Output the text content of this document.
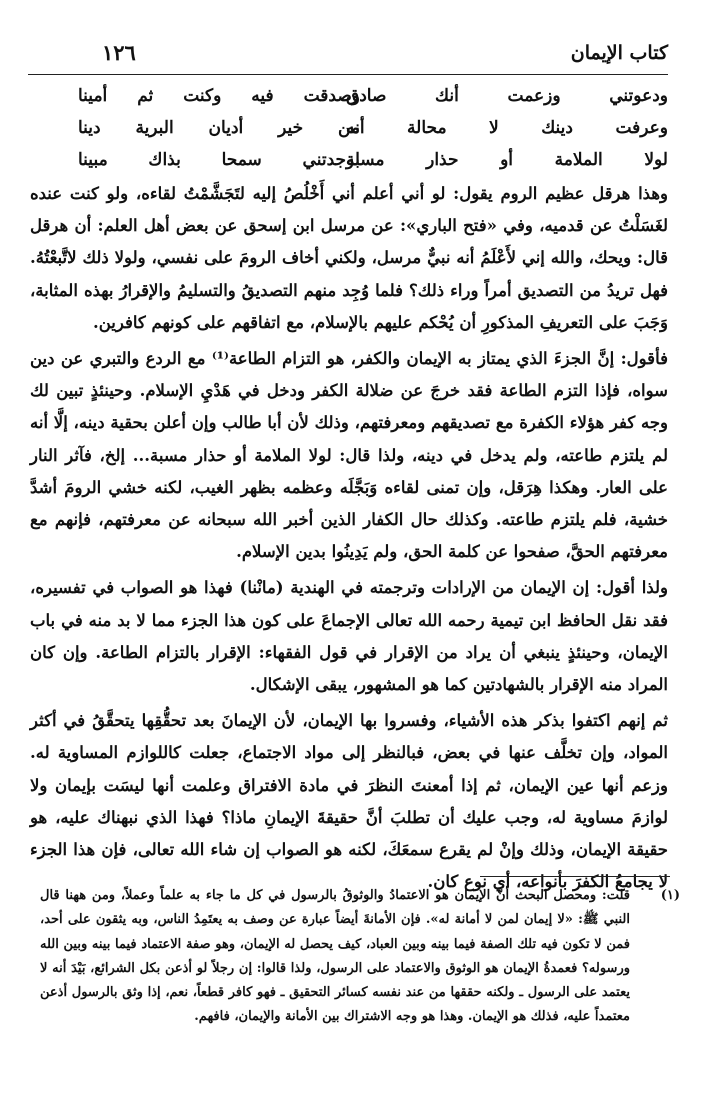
كتاب الإيمان
١٢٦
ودعوتني وزعمت أنك صادق
وصدقت فيه وكنت ثم أمينا
وعرفت دينك لا محالة أنه
من خير أديان البرية دينا
لولا الملامة أو حذار مسبة
لوجدتني سمحا بذاك مبينا

وهذا هرقل عظيم الروم يقول: لو أني أعلم أني أَخْلُصُ إليه لتَجَشَّمْتُ لقاءه، ولو كنت عنده لغَسَلْتُ عن قدميه، وفي «فتح الباري»: عن مرسل ابن إسحق عن بعض أهل العلم: أن هرقل قال: ويحك، والله إني لأَعْلَمُ أنه نبيٌّ مرسل، ولكني أخاف الرومَ على نفسي، ولولا ذلك لاتَّبعْتُهُ. فهل تريدُ من التصديق أمراً وراء ذلك؟ فلما وُجِد منهم التصديقُ والتسليمُ والإقرارُ بهذه المثابة، وَجَبَ على التعريفِ المذكورِ أن يُحْكم عليهم بالإسلام، مع اتفاقهم على كونهم كافرين.

فأقول: إنَّ الجزءَ الذي يمتاز به الإيمان والكفر، هو التزام الطاعة⁽¹⁾ مع الردع والتبري عن دين سواه، فإذا التزم الطاعة فقد خرجَ عن ضلالة الكفر ودخل في هَدْيِ الإسلام. وحينئذٍ تبين لك وجه كفر هؤلاء الكفرة مع تصديقهم ومعرفتهم، وذلك لأن أبا طالب وإن أعلن بحقية دينه، إلَّا أنه لم يلتزم طاعته، ولم يدخل في دينه، ولذا قال: لولا الملامة أو حذار مسبة... إلخ، فآثر النار على العار. وهكذا هِرَقل، وإن تمنى لقاءه وَبَجَّلَه وعظمه بظهر الغيب، لكنه خشي الرومَ أشدَّ خشية، فلم يلتزم طاعته. وكذلك حال الكفار الذين أخبر الله سبحانه عن معرفتهم، فإنهم مع معرفتهم الحقَّ، صفحوا عن كلمة الحق، ولم يَدِينُوا بدين الإسلام.

ولذا أقول: إن الإيمان من الإرادات وترجمته في الهندية (مانْنا) فهذا هو الصواب في تفسيره، فقد نقل الحافظ ابن تيمية رحمه الله تعالى الإجماعَ على كون هذا الجزء مما لا بد منه في باب الإيمان، وحينئذٍ ينبغي أن يراد من الإقرار في قول الفقهاء: الإقرار بالتزام الطاعة. وإن كان المراد منه الإقرار بالشهادتين كما هو المشهور، يبقى الإشكال.

ثم إنهم اكتفوا بذكر هذه الأشياء، وفسروا بها الإيمان، لأن الإيمانَ بعد تحقُّقِها يتحقَّقُ في أكثر المواد، وإن تخلَّف عنها في بعض، فبالنظر إلى مواد الاجتماع، جعلت كاللوازم المساوية له. وزعم أنها عين الإيمان، ثم إذا أمعنتَ النظرَ في مادة الافتراق وعلمت أنها ليسَت بإيمان ولا لوازمَ مساوية له، وجب عليك أن تطلبَ أنَّ حقيقةَ الإيمانِ ماذا؟ فهذا الذي نبهناك عليه، هو حقيقة الإيمان، وذلك وإنْ لم يقرع سمعَكَ، لكنه هو الصواب إن شاء الله تعالى، فإن هذا الجزء لا يجامعُ الكفرَ بأنواعه، أي نوع كان.

(١)
قلت: ومحصل البحث أنَّ الإيمان هو الاعتمادُ والوثوقُ بالرسول في كل ما جاء به علماً وعملاً، ومن ههنا قال النبي ﷺ: «لا إيمان لمن لا أمانة له». فإن الأمانةَ أيضاً عبارة عن وصف به يعتَمِدُ الناس، وبه يثقون على أحد، فمن لا تكون فيه تلك الصفة فيما بينه وبين العباد، كيف يحصل له الإيمان، وهو صفة الاعتماد فيما بينه وبين الله ورسوله؟ فعمدةُ الإيمان هو الوثوق والاعتماد على الرسول، ولذا قالوا: إن رجلاً لو أذعن بكل الشرائع، بَيْدَ أنه لا يعتمد على الرسول ـ ولكنه حققها من عند نفسه كسائر التحقيق ـ فهو كافر قطعاً، نعم، إذا وثق بالرسول أذعن معتمداً عليه، فذلك هو الإيمان. وهذا هو وجه الاشتراك بين الأمانة والإيمان، فافهم.
